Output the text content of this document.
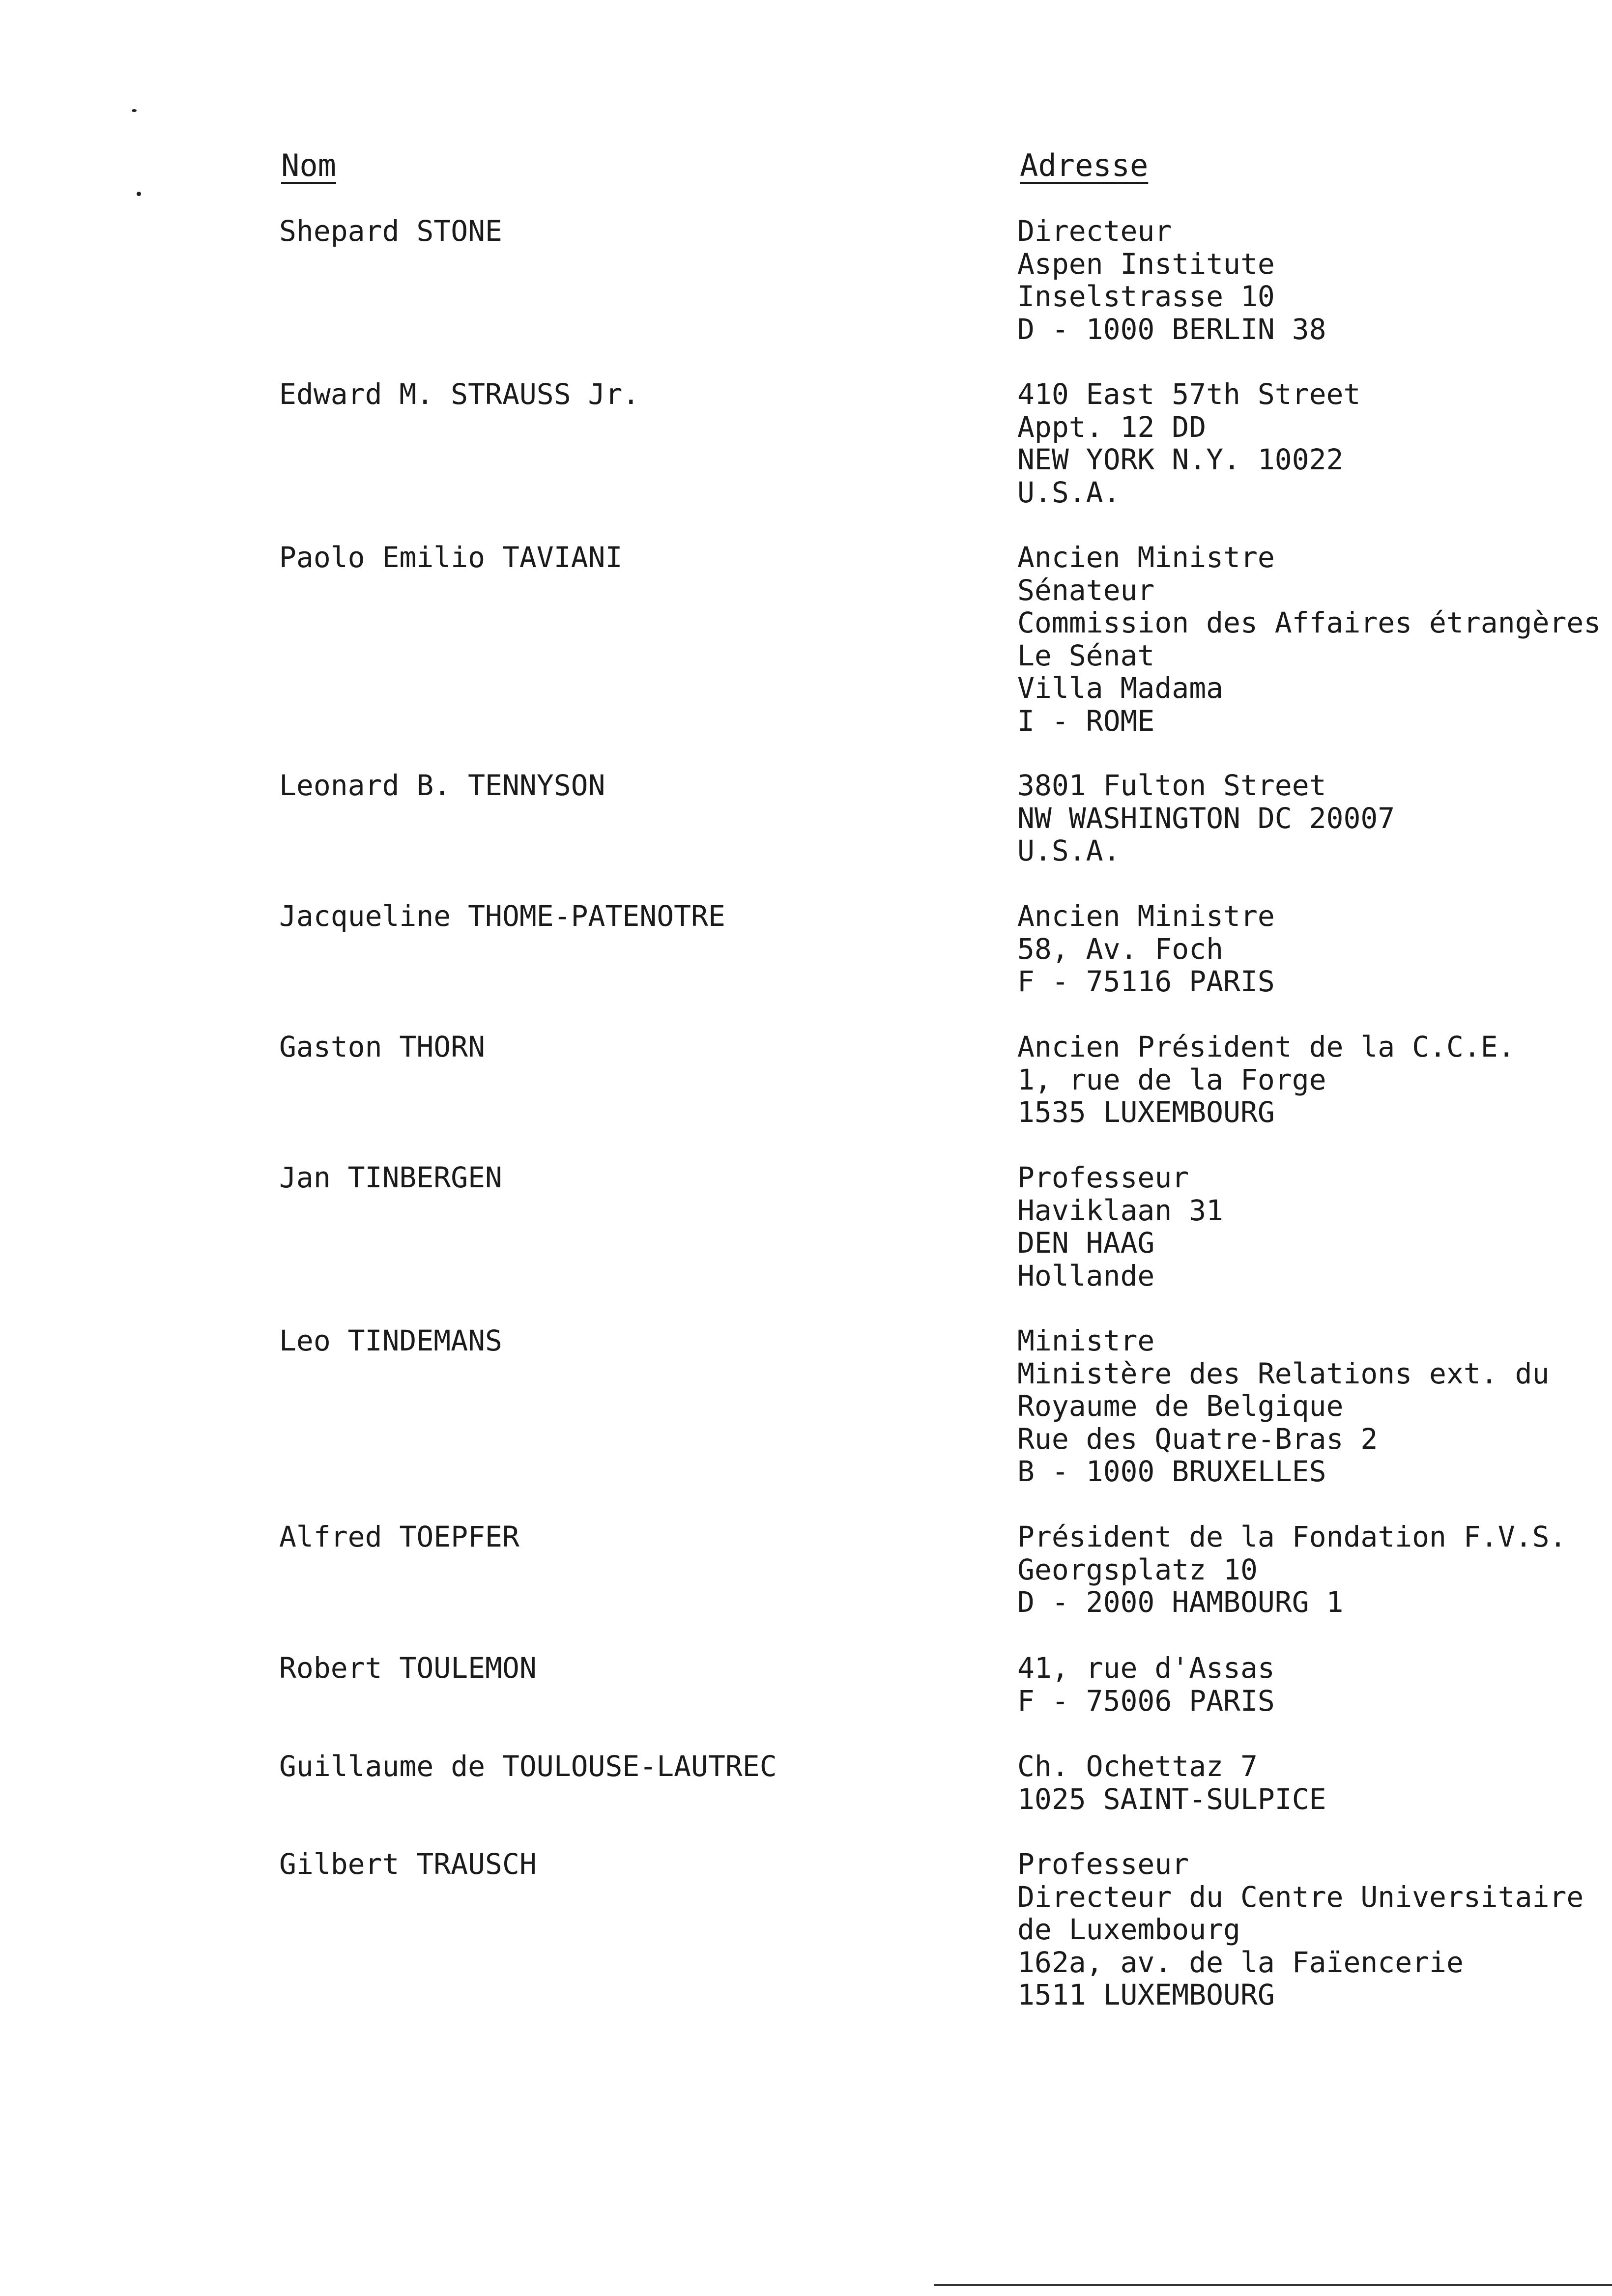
Nom	Adresse
Shepard STONE	Directeur
Aspen Institute
Inselstrasse 10
D - 1000 BERLIN 38
Edward M. STRAUSS Jr.	410 East 57th Street
Appt. 12 DD
NEW YORK N.Y. 10022
U.S.A.
Paolo Emilio TAVIANI	Ancien Ministre
Sénateur
Commission des Affaires étrangères
Le Sénat
Villa Madama
I - ROME
Leonard B. TENNYSON	3801 Fulton Street
NW WASHINGTON DC 20007
U.S.A.
Jacqueline THOME-PATENOTRE	Ancien Ministre
58, Av. Foch
F - 75116 PARIS
Gaston THORN	Ancien Président de la C.C.E.
1, rue de la Forge
1535 LUXEMBOURG
Jan TINBERGEN	Professeur
Haviklaan 31
DEN HAAG
Hollande
Leo TINDEMANS	Ministre
Ministère des Relations ext. du
Royaume de Belgique
Rue des Quatre-Bras 2
B - 1000 BRUXELLES
Alfred TOEPFER	Président de la Fondation F.V.S.
Georgsplatz 10
D - 2000 HAMBOURG 1
Robert TOULEMON	41, rue d'Assas
F - 75006 PARIS
Guillaume de TOULOUSE-LAUTREC	Ch. Ochettaz 7
1025 SAINT-SULPICE
Gilbert TRAUSCH	Professeur
Directeur du Centre Universitaire
de Luxembourg
162a, av. de la Faïencerie
1511 LUXEMBOURG
